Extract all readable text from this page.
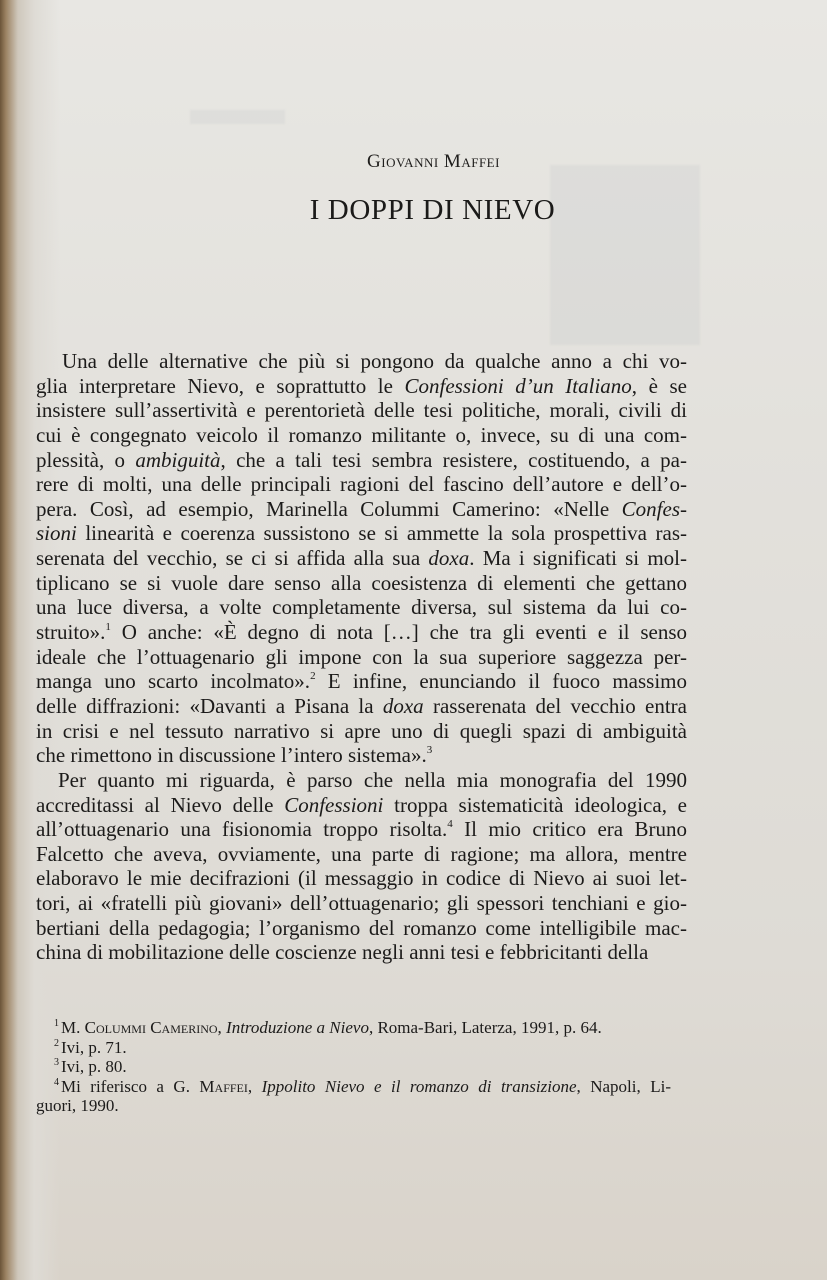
Giovanni Maffei
I DOPPI DI NIEVO
Una delle alternative che più si pongono da qualche anno a chi vo-
glia interpretare Nievo, e soprattutto le Confessioni d’un Italiano, è se
insistere sull’assertività e perentorietà delle tesi politiche, morali, civili di
cui è congegnato veicolo il romanzo militante o, invece, su di una com-
plessità, o ambiguità, che a tali tesi sembra resistere, costituendo, a pa-
rere di molti, una delle principali ragioni del fascino dell’autore e dell’o-
pera. Così, ad esempio, Marinella Colummi Camerino: «Nelle Confes-
sioni linearità e coerenza sussistono se si ammette la sola prospettiva ras-
serenata del vecchio, se ci si affida alla sua doxa. Ma i significati si mol-
tiplicano se si vuole dare senso alla coesistenza di elementi che gettano
una luce diversa, a volte completamente diversa, sul sistema da lui co-
struito».$^1$ O anche: «È degno di nota […] che tra gli eventi e il senso
ideale che l’ottuagenario gli impone con la sua superiore saggezza per-
manga uno scarto incolmato».$^2$ E infine, enunciando il fuoco massimo
delle diffrazioni: «Davanti a Pisana la doxa rasserenata del vecchio entra
in crisi e nel tessuto narrativo si apre uno di quegli spazi di ambiguità
che rimettono in discussione l’intero sistema».$^3$
Per quanto mi riguarda, è parso che nella mia monografia del 1990
accreditassi al Nievo delle Confessioni troppa sistematicità ideologica, e
all’ottuagenario una fisionomia troppo risolta.$^4$ Il mio critico era Bruno
Falcetto che aveva, ovviamente, una parte di ragione; ma allora, mentre
elaboravo le mie decifrazioni (il messaggio in codice di Nievo ai suoi let-
tori, ai «fratelli più giovani» dell’ottuagenario; gli spessori tenchiani e gio-
bertiani della pedagogia; l’organismo del romanzo come intelligibile mac-
china di mobilitazione delle coscienze negli anni tesi e febbricitanti della
$^1$ M. Colummi Camerino, Introduzione a Nievo, Roma-Bari, Laterza, 1991, p. 64.
$^2$ Ivi, p. 71.
$^3$ Ivi, p. 80.
$^4$ Mi riferisco a G. Maffei, Ippolito Nievo e il romanzo di transizione, Napoli, Li-
guori, 1990.
